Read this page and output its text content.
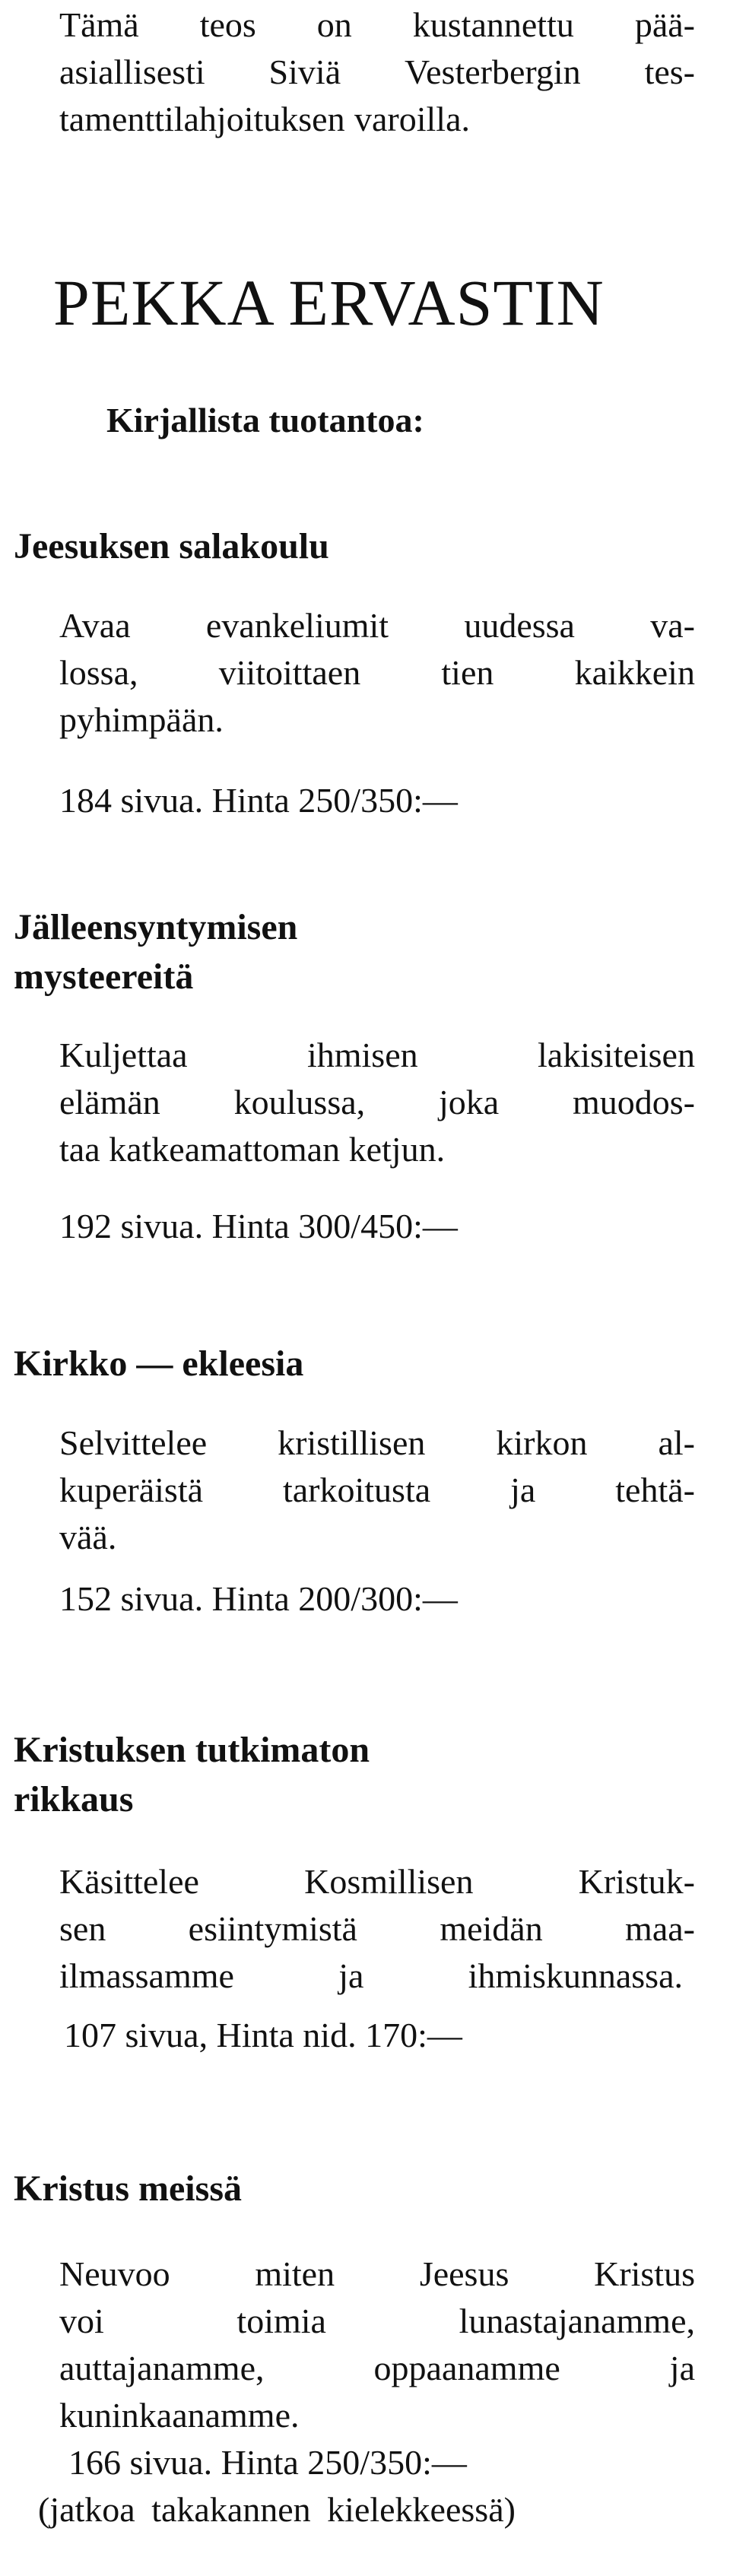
Tämä teos on kustannettu pää-
asiallisesti Siviä Vesterbergin tes-
tamenttilahjoituksen varoilla.
PEKKA ERVASTIN
Kirjallista tuotantoa:
Jeesuksen salakoulu
Avaa evankeliumit uudessa va-
lossa, viitoittaen tien kaikkein
pyhimpään.
184 sivua. Hinta 250/350:—
Jälleensyntymisen
mysteereitä
Kuljettaa	ihmisen	lakisiteisen
elämän koulussa, joka muodos-
taa katkeamattoman ketjun.
192 sivua. Hinta 300/450:—
Kirkko — ekleesia
Selvittelee kristillisen kirkon al-
kuperäistä tarkoitusta ja tehtä-
vää.
152 sivua. Hinta 200/300:—
Kristuksen tutkimaton
rikkaus
Käsittelee	Kosmillisen	Kristuk-
sen esiintymistä meidän maa-
ilmassamme	ja	ihmiskunnassa.
107 sivua, Hinta nid. 170:—
Kristus meissä
Neuvoo miten Jeesus Kristus
voi	toimia	lunastajanamme,
auttajanamme,	oppaanamme	ja
kuninkaanamme.
166 sivua. Hinta 250/350:—
(jatkoa takakannen kielekkeessä)
